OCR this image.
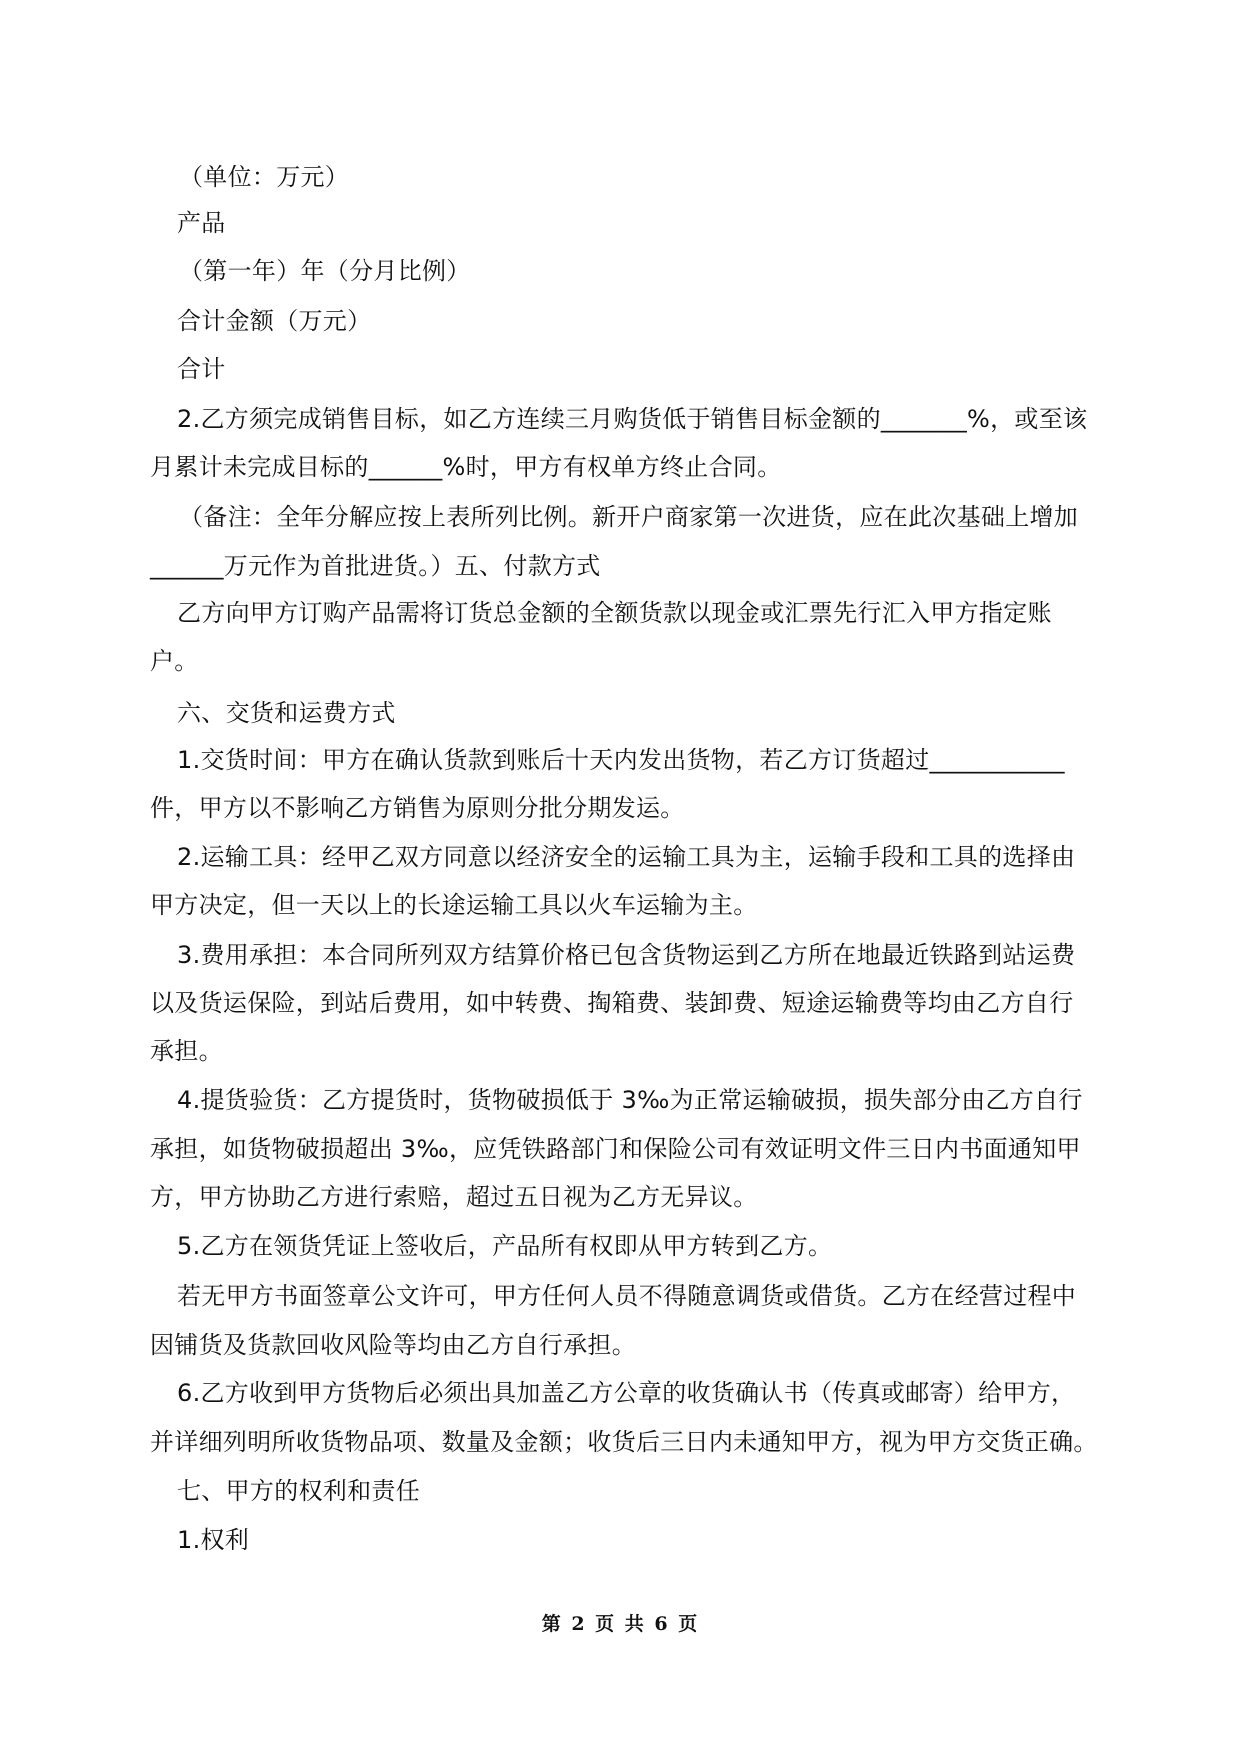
（单位：万元）
产品
（第一年）年（分月比例）
合计金额（万元）
合计
2.乙方须完成销售目标，如乙方连续三月购货低于销售目标金额的_______%，或至该
月累计未完成目标的______%时，甲方有权单方终止合同。
（备注：全年分解应按上表所列比例。新开户商家第一次进货，应在此次基础上增加
______万元作为首批进货。）五、付款方式
乙方向甲方订购产品需将订货总金额的全额货款以现金或汇票先行汇入甲方指定账
户。
六、交货和运费方式
1.交货时间：甲方在确认货款到账后十天内发出货物，若乙方订货超过___________
件，甲方以不影响乙方销售为原则分批分期发运。
2.运输工具：经甲乙双方同意以经济安全的运输工具为主，运输手段和工具的选择由
甲方决定，但一天以上的长途运输工具以火车运输为主。
3.费用承担：本合同所列双方结算价格已包含货物运到乙方所在地最近铁路到站运费
以及货运保险，到站后费用，如中转费、掏箱费、装卸费、短途运输费等均由乙方自行
承担。
4.提货验货：乙方提货时，货物破损低于 3‰为正常运输破损，损失部分由乙方自行
承担，如货物破损超出 3‰，应凭铁路部门和保险公司有效证明文件三日内书面通知甲
方，甲方协助乙方进行索赔，超过五日视为乙方无异议。
5.乙方在领货凭证上签收后，产品所有权即从甲方转到乙方。
若无甲方书面签章公文许可，甲方任何人员不得随意调货或借货。乙方在经营过程中
因铺货及货款回收风险等均由乙方自行承担。
6.乙方收到甲方货物后必须出具加盖乙方公章的收货确认书（传真或邮寄）给甲方，
并详细列明所收货物品项、数量及金额；收货后三日内未通知甲方，视为甲方交货正确。
七、甲方的权利和责任
1.权利
第 2 页 共 6 页
